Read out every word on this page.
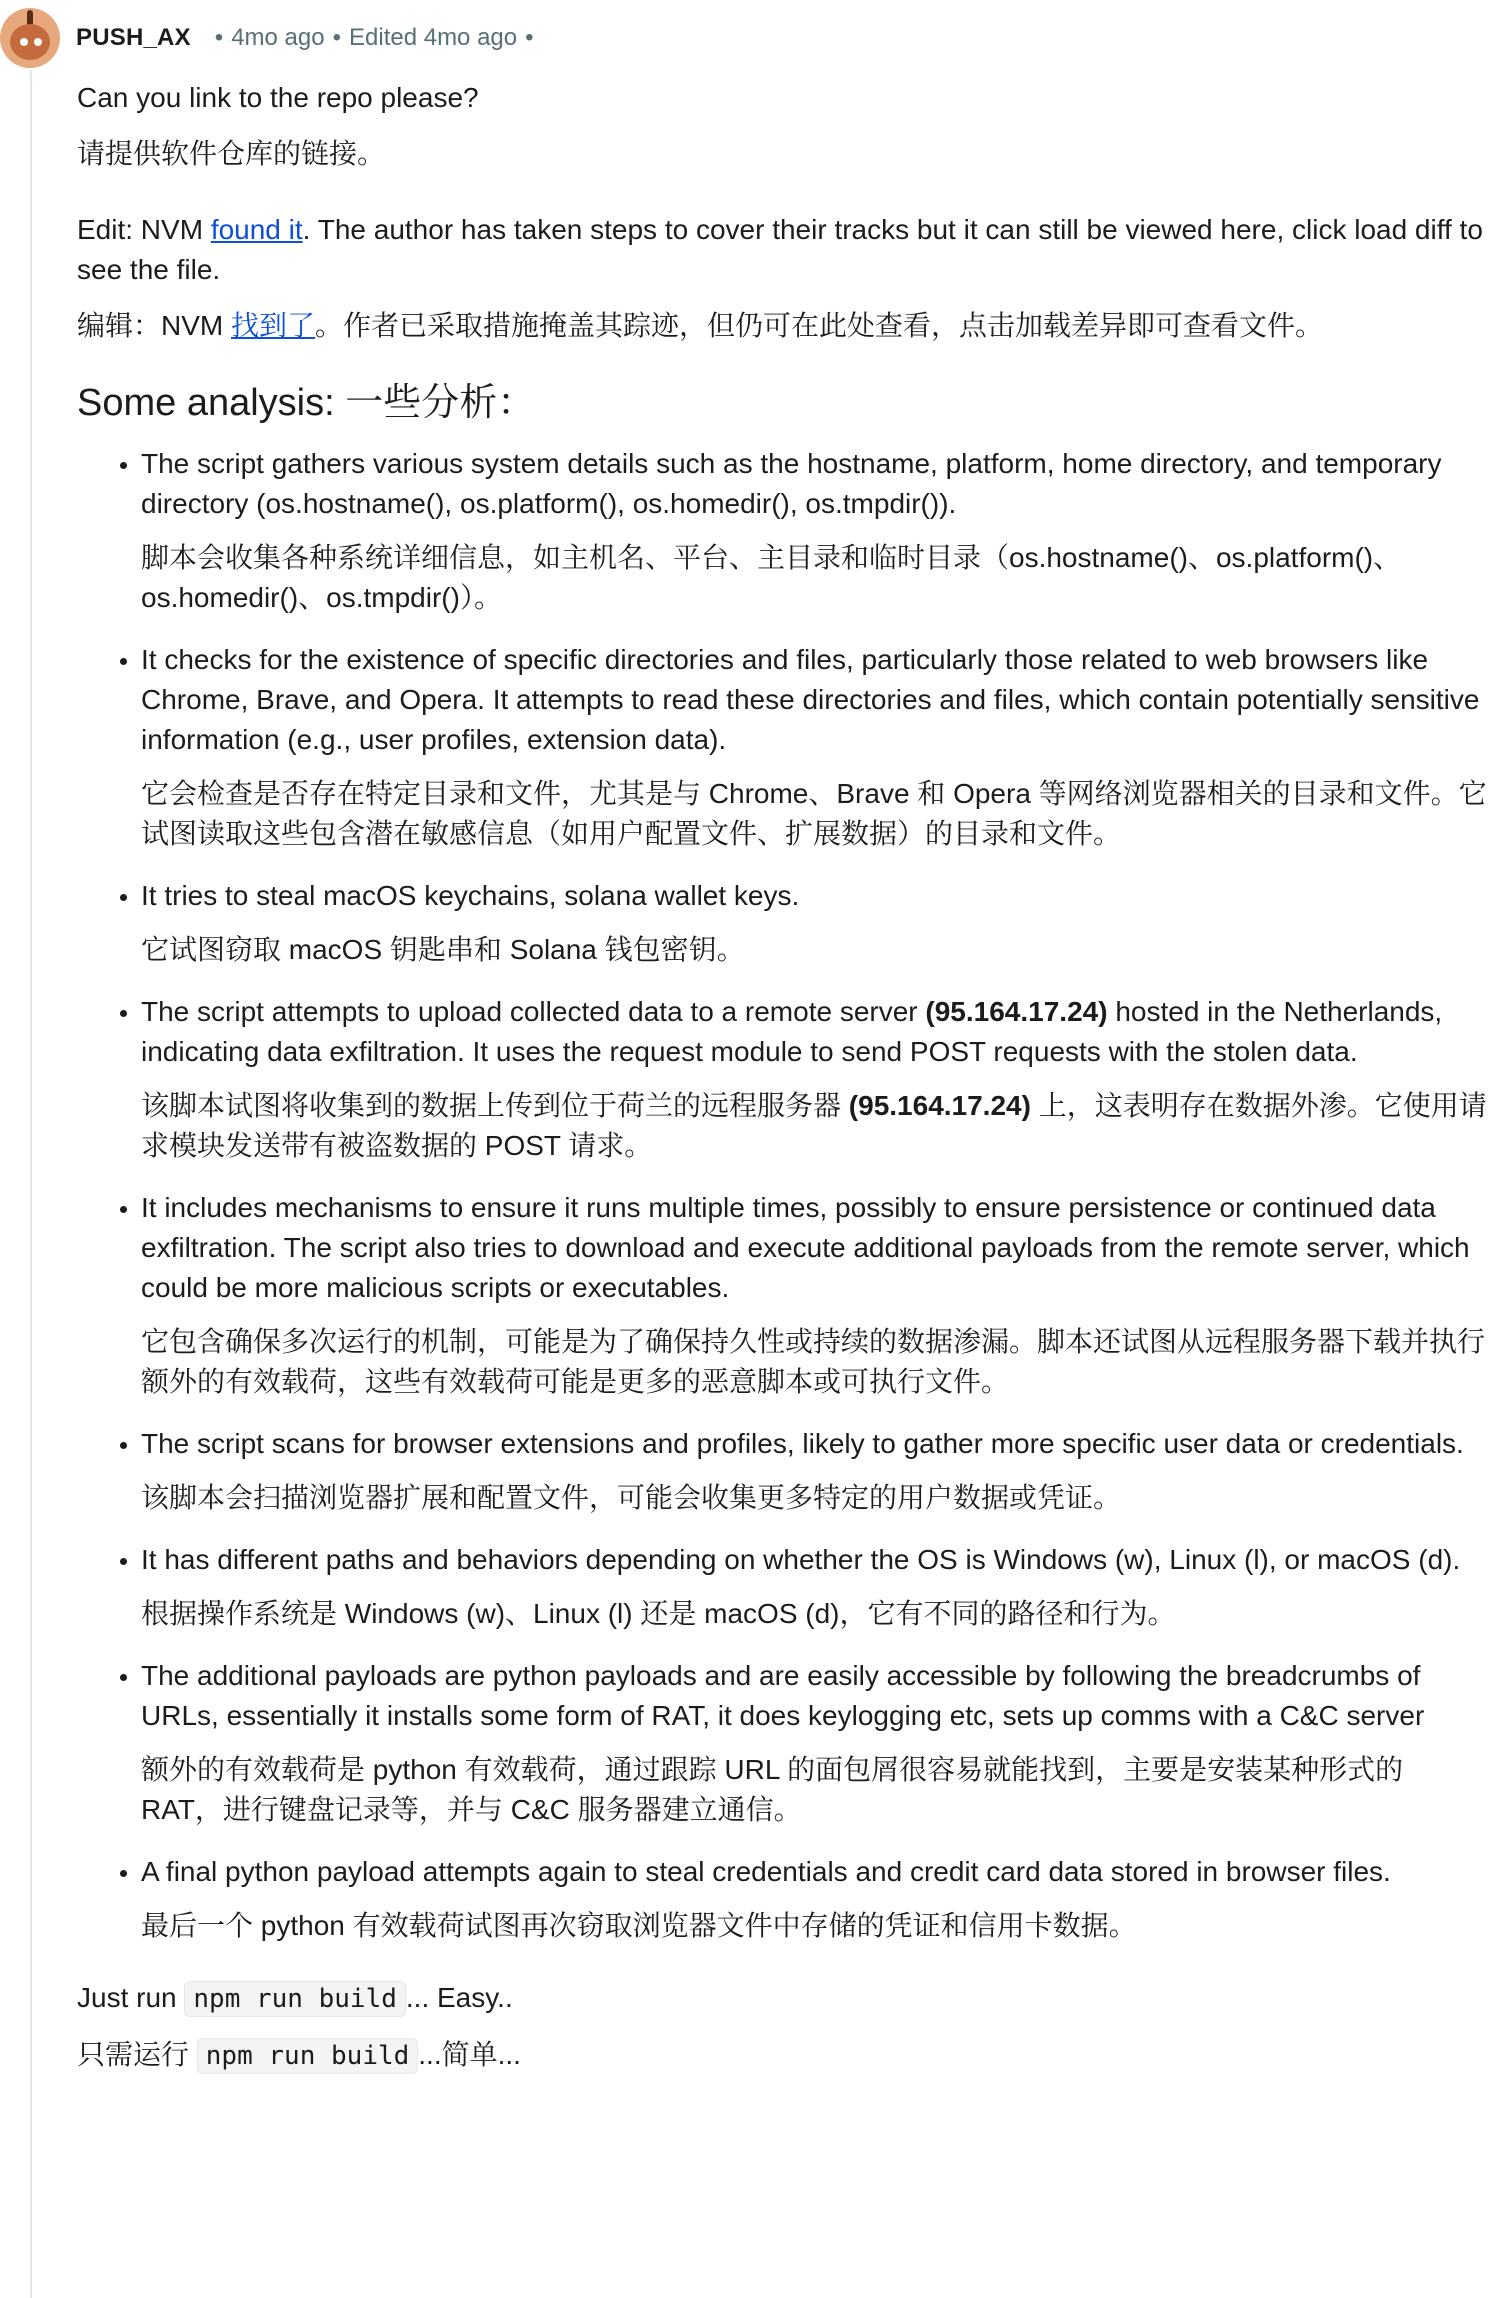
PUSH_AX	• 4mo ago • Edited 4mo ago •

Can you link to the repo please?

请提供软件仓库的链接。

Edit: NVM found it. The author has taken steps to cover their tracks but it can still be viewed here, click load diff to see the file.

编辑：NVM 找到了。作者已采取措施掩盖其踪迹，但仍可在此处查看，点击加载差异即可查看文件。

Some analysis: 一些分析：
• The script gathers various system details such as the hostname, platform, home directory, and temporary directory (os.hostname(), os.platform(), os.homedir(), os.tmpdir()).
脚本会收集各种系统详细信息，如主机名、平台、主目录和临时目录（os.hostname()、os.platform()、os.homedir()、os.tmpdir()）。
• It checks for the existence of specific directories and files, particularly those related to web browsers like Chrome, Brave, and Opera. It attempts to read these directories and files, which contain potentially sensitive information (e.g., user profiles, extension data).
它会检查是否存在特定目录和文件，尤其是与 Chrome、Brave 和 Opera 等网络浏览器相关的目录和文件。它试图读取这些包含潜在敏感信息（如用户配置文件、扩展数据）的目录和文件。
• It tries to steal macOS keychains, solana wallet keys.
它试图窃取 macOS 钥匙串和 Solana 钱包密钥。
• The script attempts to upload collected data to a remote server (95.164.17.24) hosted in the Netherlands, indicating data exfiltration. It uses the request module to send POST requests with the stolen data.
该脚本试图将收集到的数据上传到位于荷兰的远程服务器 (95.164.17.24) 上，这表明存在数据外渗。它使用请求模块发送带有被盗数据的 POST 请求。
• It includes mechanisms to ensure it runs multiple times, possibly to ensure persistence or continued data exfiltration. The script also tries to download and execute additional payloads from the remote server, which could be more malicious scripts or executables.
它包含确保多次运行的机制，可能是为了确保持久性或持续的数据渗漏。脚本还试图从远程服务器下载并执行额外的有效载荷，这些有效载荷可能是更多的恶意脚本或可执行文件。
• The script scans for browser extensions and profiles, likely to gather more specific user data or credentials.
该脚本会扫描浏览器扩展和配置文件，可能会收集更多特定的用户数据或凭证。
• It has different paths and behaviors depending on whether the OS is Windows (w), Linux (l), or macOS (d).
根据操作系统是 Windows (w)、Linux (l) 还是 macOS (d)，它有不同的路径和行为。
• The additional payloads are python payloads and are easily accessible by following the breadcrumbs of URLs, essentially it installs some form of RAT, it does keylogging etc, sets up comms with a C&C server
额外的有效载荷是 python 有效载荷，通过跟踪 URL 的面包屑很容易就能找到，主要是安装某种形式的 RAT，进行键盘记录等，并与 C&C 服务器建立通信。
• A final python payload attempts again to steal credentials and credit card data stored in browser files.
最后一个 python 有效载荷试图再次窃取浏览器文件中存储的凭证和信用卡数据。

Just run npm run build ... Easy..

只需运行 npm run build ...简单...
